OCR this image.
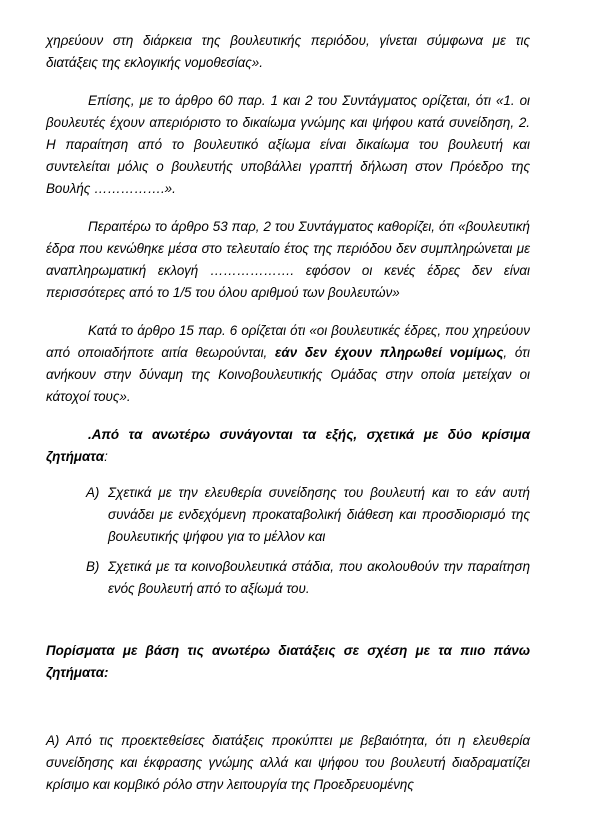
χηρεύουν στη διάρκεια της βουλευτικής περιόδου, γίνεται σύμφωνα με τις διατάξεις της εκλογικής νομοθεσίας».

Επίσης, με το άρθρο 60 παρ. 1 και 2 του Συντάγματος ορίζεται, ότι «1. οι βουλευτές έχουν απεριόριστο το δικαίωμα γνώμης και ψήφου κατά συνείδηση, 2. Η παραίτηση από το βουλευτικό αξίωμα είναι δικαίωμα του βουλευτή και συντελείται μόλις ο βουλευτής υποβάλλει γραπτή δήλωση στον Πρόεδρο της Βουλής …………….».

Περαιτέρω το άρθρο 53 παρ, 2 του Συντάγματος καθορίζει, ότι «βουλευτική έδρα που κενώθηκε μέσα στο τελευταίο έτος της περιόδου δεν συμπληρώνεται με αναπληρωματική εκλογή ………………. εφόσον οι κενές έδρες δεν είναι περισσότερες από το 1/5 του όλου αριθμού των βουλευτών»

Κατά το άρθρο 15 παρ. 6 ορίζεται ότι «οι βουλευτικές έδρες, που χηρεύουν από οποιαδήποτε αιτία θεωρούνται, εάν δεν έχουν πληρωθεί νομίμως, ότι ανήκουν στην δύναμη της Κοινοβουλευτικής Ομάδας στην οποία μετείχαν οι κάτοχοί τους».

.Από τα ανωτέρω συνάγονται τα εξής, σχετικά με δύο κρίσιμα ζητήματα:

Α) Σχετικά με την ελευθερία συνείδησης του βουλευτή και το εάν αυτή συνάδει με ενδεχόμενη προκαταβολική διάθεση και προσδιορισμό της βουλευτικής ψήφου για το μέλλον και
Β) Σχετικά με τα κοινοβουλευτικά στάδια, που ακολουθούν την παραίτηση ενός βουλευτή από το αξίωμά του.

Πορίσματα με βάση τις ανωτέρω διατάξεις σε σχέση με τα πιιο πάνω ζητήματα:

Α) Από τις προεκτεθείσες διατάξεις προκύπτει με βεβαιότητα, ότι η ελευθερία συνείδησης και έκφρασης γνώμης αλλά και ψήφου του βουλευτή διαδραματίζει κρίσιμο και κομβικό ρόλο στην λειτουργία της Προεδρευομένης
